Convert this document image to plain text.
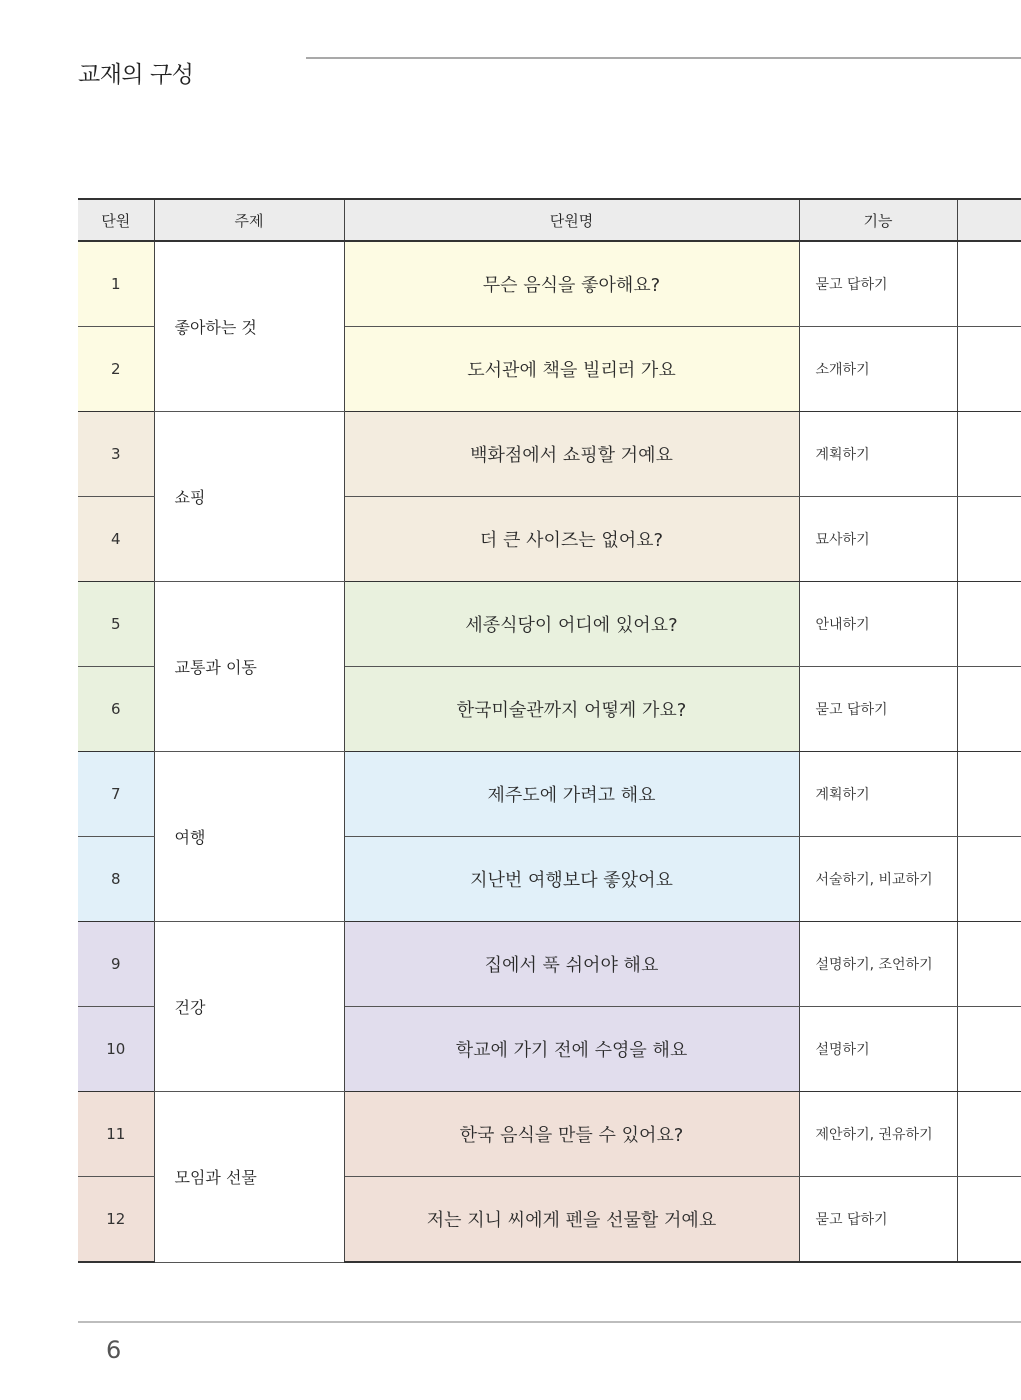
교재의 구성
단원	주제	단원명	기능	
1	좋아하는 것	무슨 음식을 좋아해요?	묻고 답하기	
2		도서관에 책을 빌리러 가요	소개하기	
3	쇼핑	백화점에서 쇼핑할 거예요	계획하기	
4		더 큰 사이즈는 없어요?	묘사하기	
5	교통과 이동	세종식당이 어디에 있어요?	안내하기	
6		한국미술관까지 어떻게 가요?	묻고 답하기	
7	여행	제주도에 가려고 해요	계획하기	
8		지난번 여행보다 좋았어요	서술하기, 비교하기	
9	건강	집에서 푹 쉬어야 해요	설명하기, 조언하기	
10		학교에 가기 전에 수영을 해요	설명하기	
11	모임과 선물	한국 음식을 만들 수 있어요?	제안하기, 권유하기	
12		저는 지니 씨에게 펜을 선물할 거예요	묻고 답하기	
6
